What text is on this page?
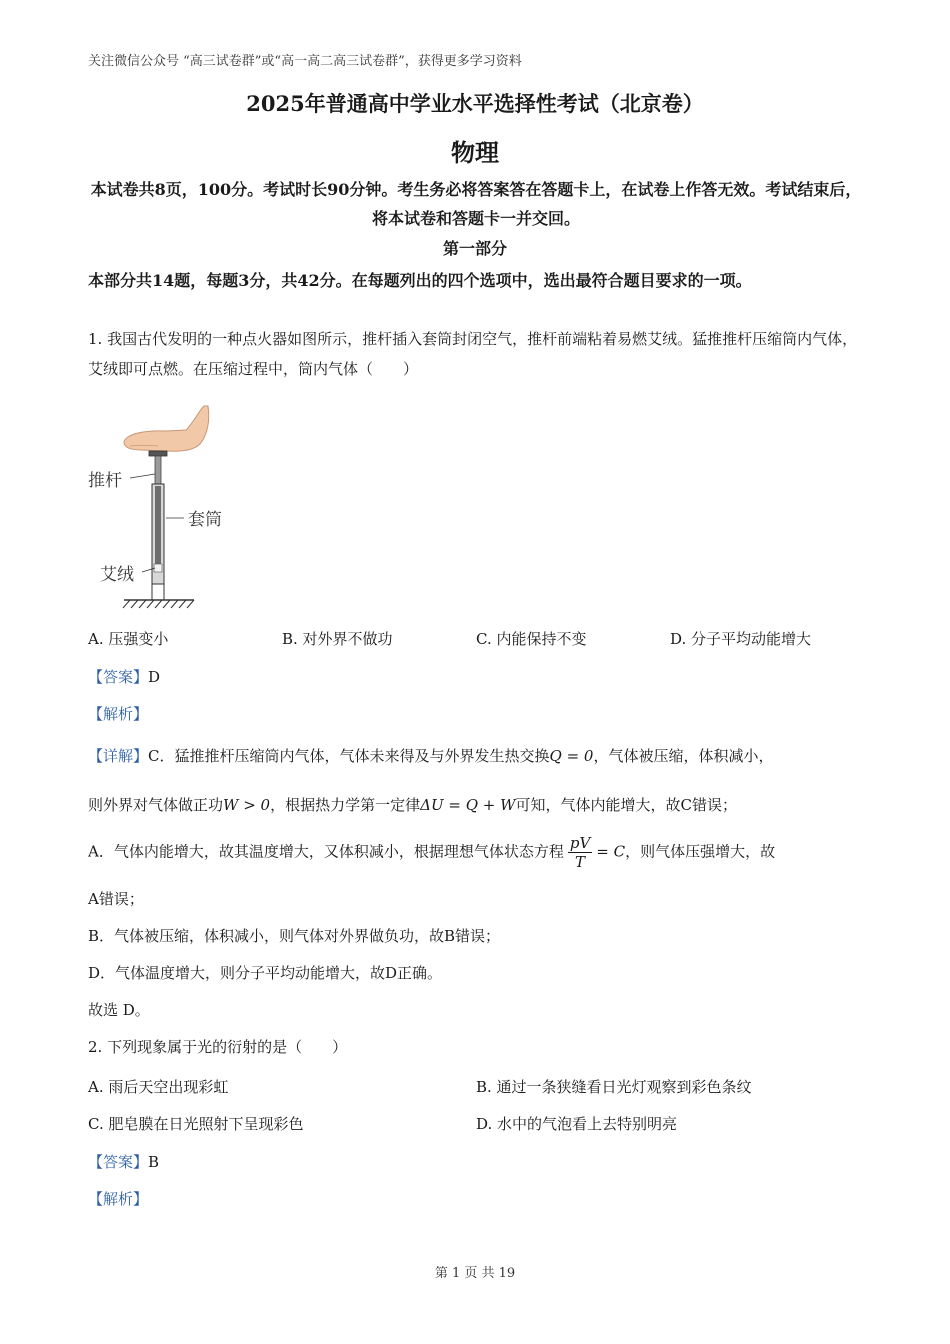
关注微信公众号 “高三试卷群”或“高一高二高三试卷群”，获得更多学习资料
2025年普通高中学业水平选择性考试（北京卷）
物理
本试卷共8页，100分。考试时长90分钟。考生务必将答案答在答题卡上，在试卷上作答无效。考试结束后，将本试卷和答题卡一并交回。
第一部分
本部分共14题，每题3分，共42分。在每题列出的四个选项中，选出最符合题目要求的一项。
1. 我国古代发明的一种点火器如图所示，推杆插入套筒封闭空气，推杆前端粘着易燃艾绒。猛推推杆压缩筒内气体，艾绒即可点燃。在压缩过程中，筒内气体（　　）
推杆
套筒
艾绒
A. 压强变小	B. 对外界不做功	C. 内能保持不变	D. 分子平均动能增大
【答案】D
【解析】
【详解】C．猛推推杆压缩筒内气体，气体未来得及与外界发生热交换Q = 0，气体被压缩，体积减小，
则外界对气体做正功W > 0，根据热力学第一定律ΔU = Q + W可知，气体内能增大，故C错误；
A．气体内能增大，故其温度增大，又体积减小，根据理想气体状态方程 $\frac{pV}{T} = C$，则气体压强增大，故
A错误；
B．气体被压缩，体积减小，则气体对外界做负功，故B错误；
D．气体温度增大，则分子平均动能增大，故D正确。
故选 D。
2. 下列现象属于光的衍射的是（　　）
A. 雨后天空出现彩虹	B. 通过一条狭缝看日光灯观察到彩色条纹
C. 肥皂膜在日光照射下呈现彩色	D. 水中的气泡看上去特别明亮
【答案】B
【解析】
第 1 页 共 19
